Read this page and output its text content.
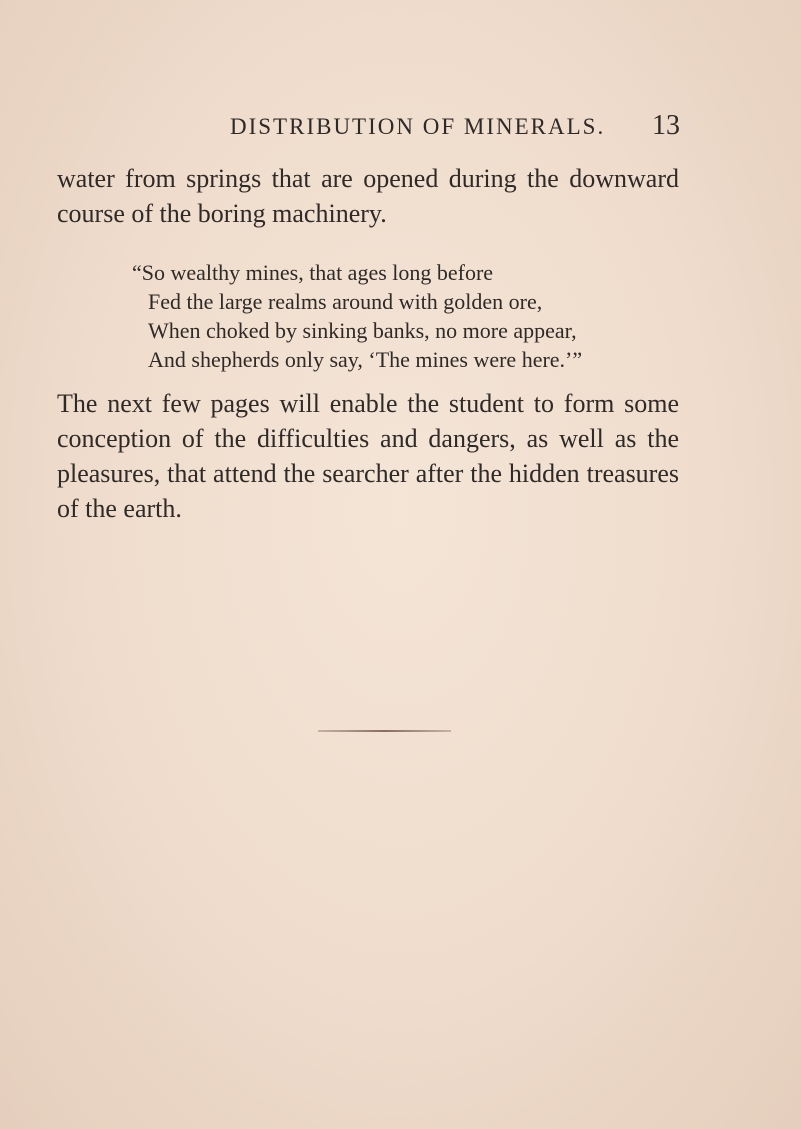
DISTRIBUTION OF MINERALS. 13

water from springs that are opened during the downward course of the boring machinery.

“So wealthy mines, that ages long before
Fed the large realms around with golden ore,
When choked by sinking banks, no more appear,
And shepherds only say, ‘The mines were here.’”

The next few pages will enable the student to form some conception of the difficulties and dangers, as well as the pleasures, that attend the searcher after the hidden treasures of the earth.
